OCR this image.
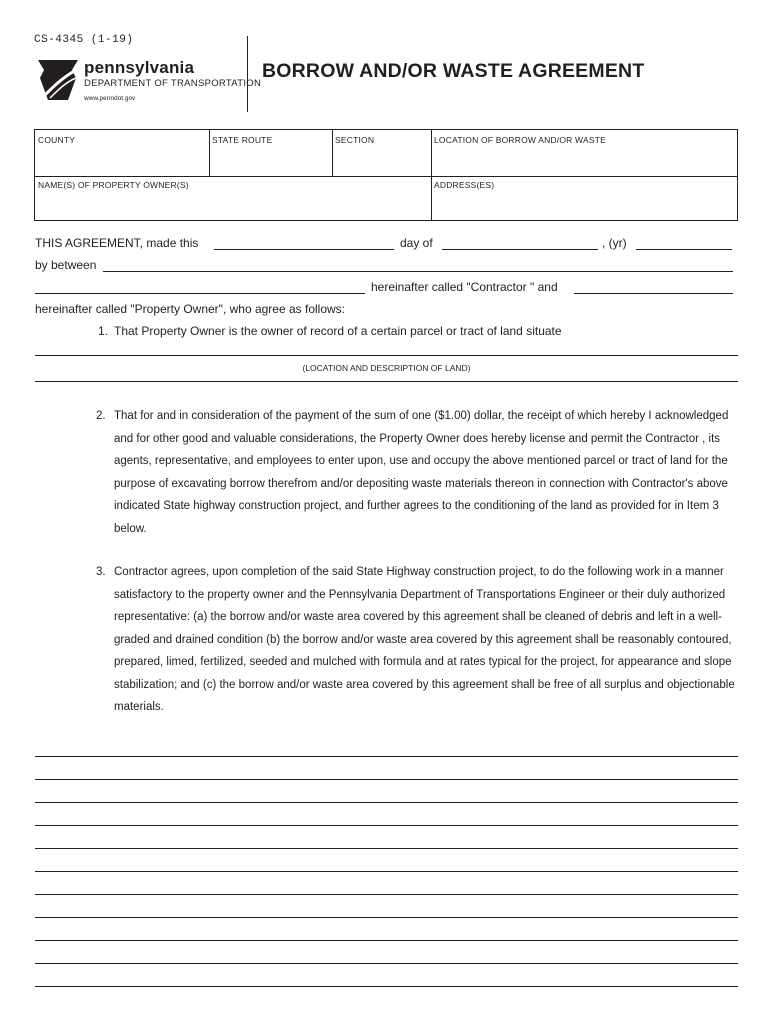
CS-4345 (1-19)
pennsylvania
DEPARTMENT OF TRANSPORTATION
www.penndot.gov
BORROW AND/OR WASTE AGREEMENT
COUNTY	STATE ROUTE	SECTION	LOCATION OF BORROW AND/OR WASTE
NAME(S) OF PROPERTY OWNER(S)	ADDRESS(ES)
THIS AGREEMENT, made this	day of	, (yr)
by between
hereinafter called "Contractor " and
hereinafter called "Property Owner", who agree as follows:
1. That Property Owner is the owner of record of a certain parcel or tract of land situate
(LOCATION AND DESCRIPTION OF LAND)
2. That for and in consideration of the payment of the sum of one ($1.00) dollar, the receipt of which hereby I acknowledged and for other good and valuable considerations, the Property Owner does hereby license and permit the Contractor , its agents, representative, and employees to enter upon, use and occupy the above mentioned parcel or tract of land for the purpose of excavating borrow therefrom and/or depositing waste materials thereon in connection with Contractor's above indicated State highway construction project, and further agrees to the conditioning of the land as provided for in Item 3 below.
3. Contractor agrees, upon completion of the said State Highway construction project, to do the following work in a manner satisfactory to the property owner and the Pennsylvania Department of Transportations Engineer or their duly authorized representative: (a) the borrow and/or waste area covered by this agreement shall be cleaned of debris and left in a well-graded and drained condition (b) the borrow and/or waste area covered by this agreement shall be reasonably contoured, prepared, limed, fertilized, seeded and mulched with formula and at rates typical for the project, for appearance and slope stabilization; and (c) the borrow and/or waste area covered by this agreement shall be free of all surplus and objectionable materials.
